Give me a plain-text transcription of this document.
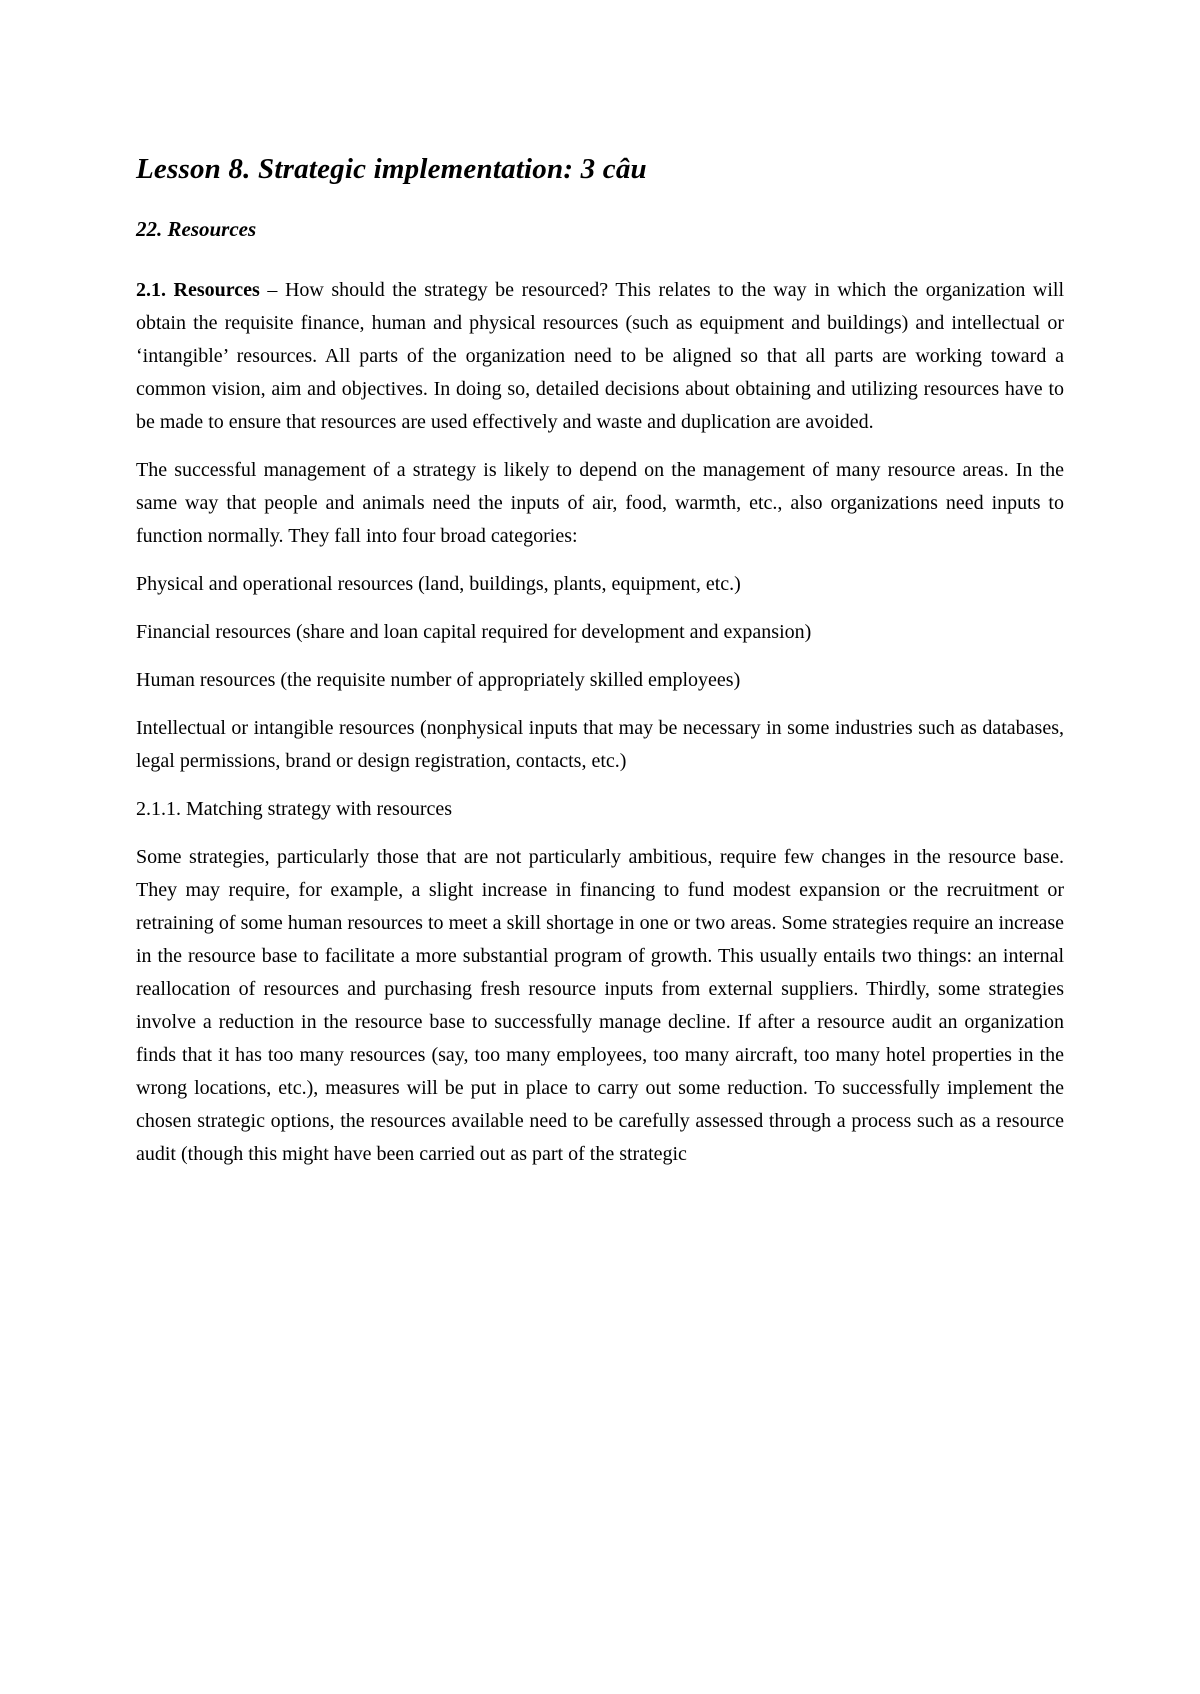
Lesson 8. Strategic implementation: 3 câu
22. Resources

2.1. Resources – How should the strategy be resourced? This relates to the way in which the organization will obtain the requisite finance, human and physical resources (such as equipment and buildings) and intellectual or ‘intangible’ resources. All parts of the organization need to be aligned so that all parts are working toward a common vision, aim and objectives. In doing so, detailed decisions about obtaining and utilizing resources have to be made to ensure that resources are used effectively and waste and duplication are avoided.

The successful management of a strategy is likely to depend on the management of many resource areas. In the same way that people and animals need the inputs of air, food, warmth, etc., also organizations need inputs to function normally. They fall into four broad categories:

Physical and operational resources (land, buildings, plants, equipment, etc.)

Financial resources (share and loan capital required for development and expansion)

Human resources (the requisite number of appropriately skilled employees)

Intellectual or intangible resources (nonphysical inputs that may be necessary in some industries such as databases, legal permissions, brand or design registration, contacts, etc.)

2.1.1. Matching strategy with resources

Some strategies, particularly those that are not particularly ambitious, require few changes in the resource base. They may require, for example, a slight increase in financing to fund modest expansion or the recruitment or retraining of some human resources to meet a skill shortage in one or two areas. Some strategies require an increase in the resource base to facilitate a more substantial program of growth. This usually entails two things: an internal reallocation of resources and purchasing fresh resource inputs from external suppliers. Thirdly, some strategies involve a reduction in the resource base to successfully manage decline. If after a resource audit an organization finds that it has too many resources (say, too many employees, too many aircraft, too many hotel properties in the wrong locations, etc.), measures will be put in place to carry out some reduction. To successfully implement the chosen strategic options, the resources available need to be carefully assessed through a process such as a resource audit (though this might have been carried out as part of the strategic
